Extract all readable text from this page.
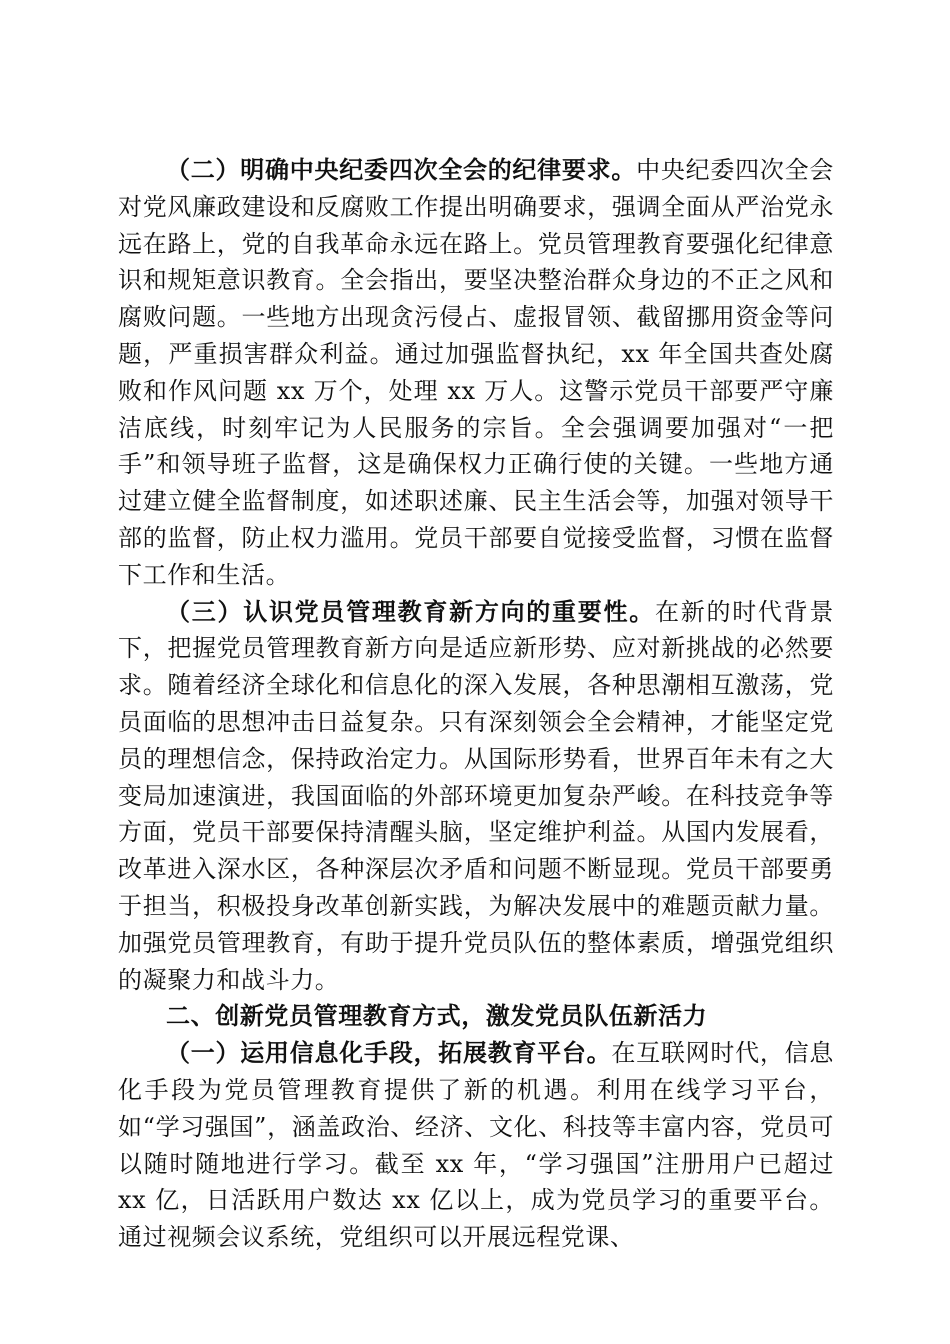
（二）明确中央纪委四次全会的纪律要求。中央纪委四次全会对党风廉政建设和反腐败工作提出明确要求，强调全面从严治党永远在路上，党的自我革命永远在路上。党员管理教育要强化纪律意识和规矩意识教育。全会指出，要坚决整治群众身边的不正之风和腐败问题。一些地方出现贪污侵占、虚报冒领、截留挪用资金等问题，严重损害群众利益。通过加强监督执纪，xx 年全国共查处腐败和作风问题 xx 万个，处理 xx 万人。这警示党员干部要严守廉洁底线，时刻牢记为人民服务的宗旨。全会强调要加强对“一把手”和领导班子监督，这是确保权力正确行使的关键。一些地方通过建立健全监督制度，如述职述廉、民主生活会等，加强对领导干部的监督，防止权力滥用。党员干部要自觉接受监督，习惯在监督下工作和生活。

（三）认识党员管理教育新方向的重要性。在新的时代背景下，把握党员管理教育新方向是适应新形势、应对新挑战的必然要求。随着经济全球化和信息化的深入发展，各种思潮相互激荡，党员面临的思想冲击日益复杂。只有深刻领会全会精神，才能坚定党员的理想信念，保持政治定力。从国际形势看，世界百年未有之大变局加速演进，我国面临的外部环境更加复杂严峻。在科技竞争等方面，党员干部要保持清醒头脑，坚定维护利益。从国内发展看，改革进入深水区，各种深层次矛盾和问题不断显现。党员干部要勇于担当，积极投身改革创新实践，为解决发展中的难题贡献力量。加强党员管理教育，有助于提升党员队伍的整体素质，增强党组织的凝聚力和战斗力。

二、创新党员管理教育方式，激发党员队伍新活力

（一）运用信息化手段，拓展教育平台。在互联网时代，信息化手段为党员管理教育提供了新的机遇。利用在线学习平台，如“学习强国”，涵盖政治、经济、文化、科技等丰富内容，党员可以随时随地进行学习。截至 xx 年，“学习强国”注册用户已超过 xx 亿，日活跃用户数达 xx 亿以上，成为党员学习的重要平台。通过视频会议系统，党组织可以开展远程党课、
